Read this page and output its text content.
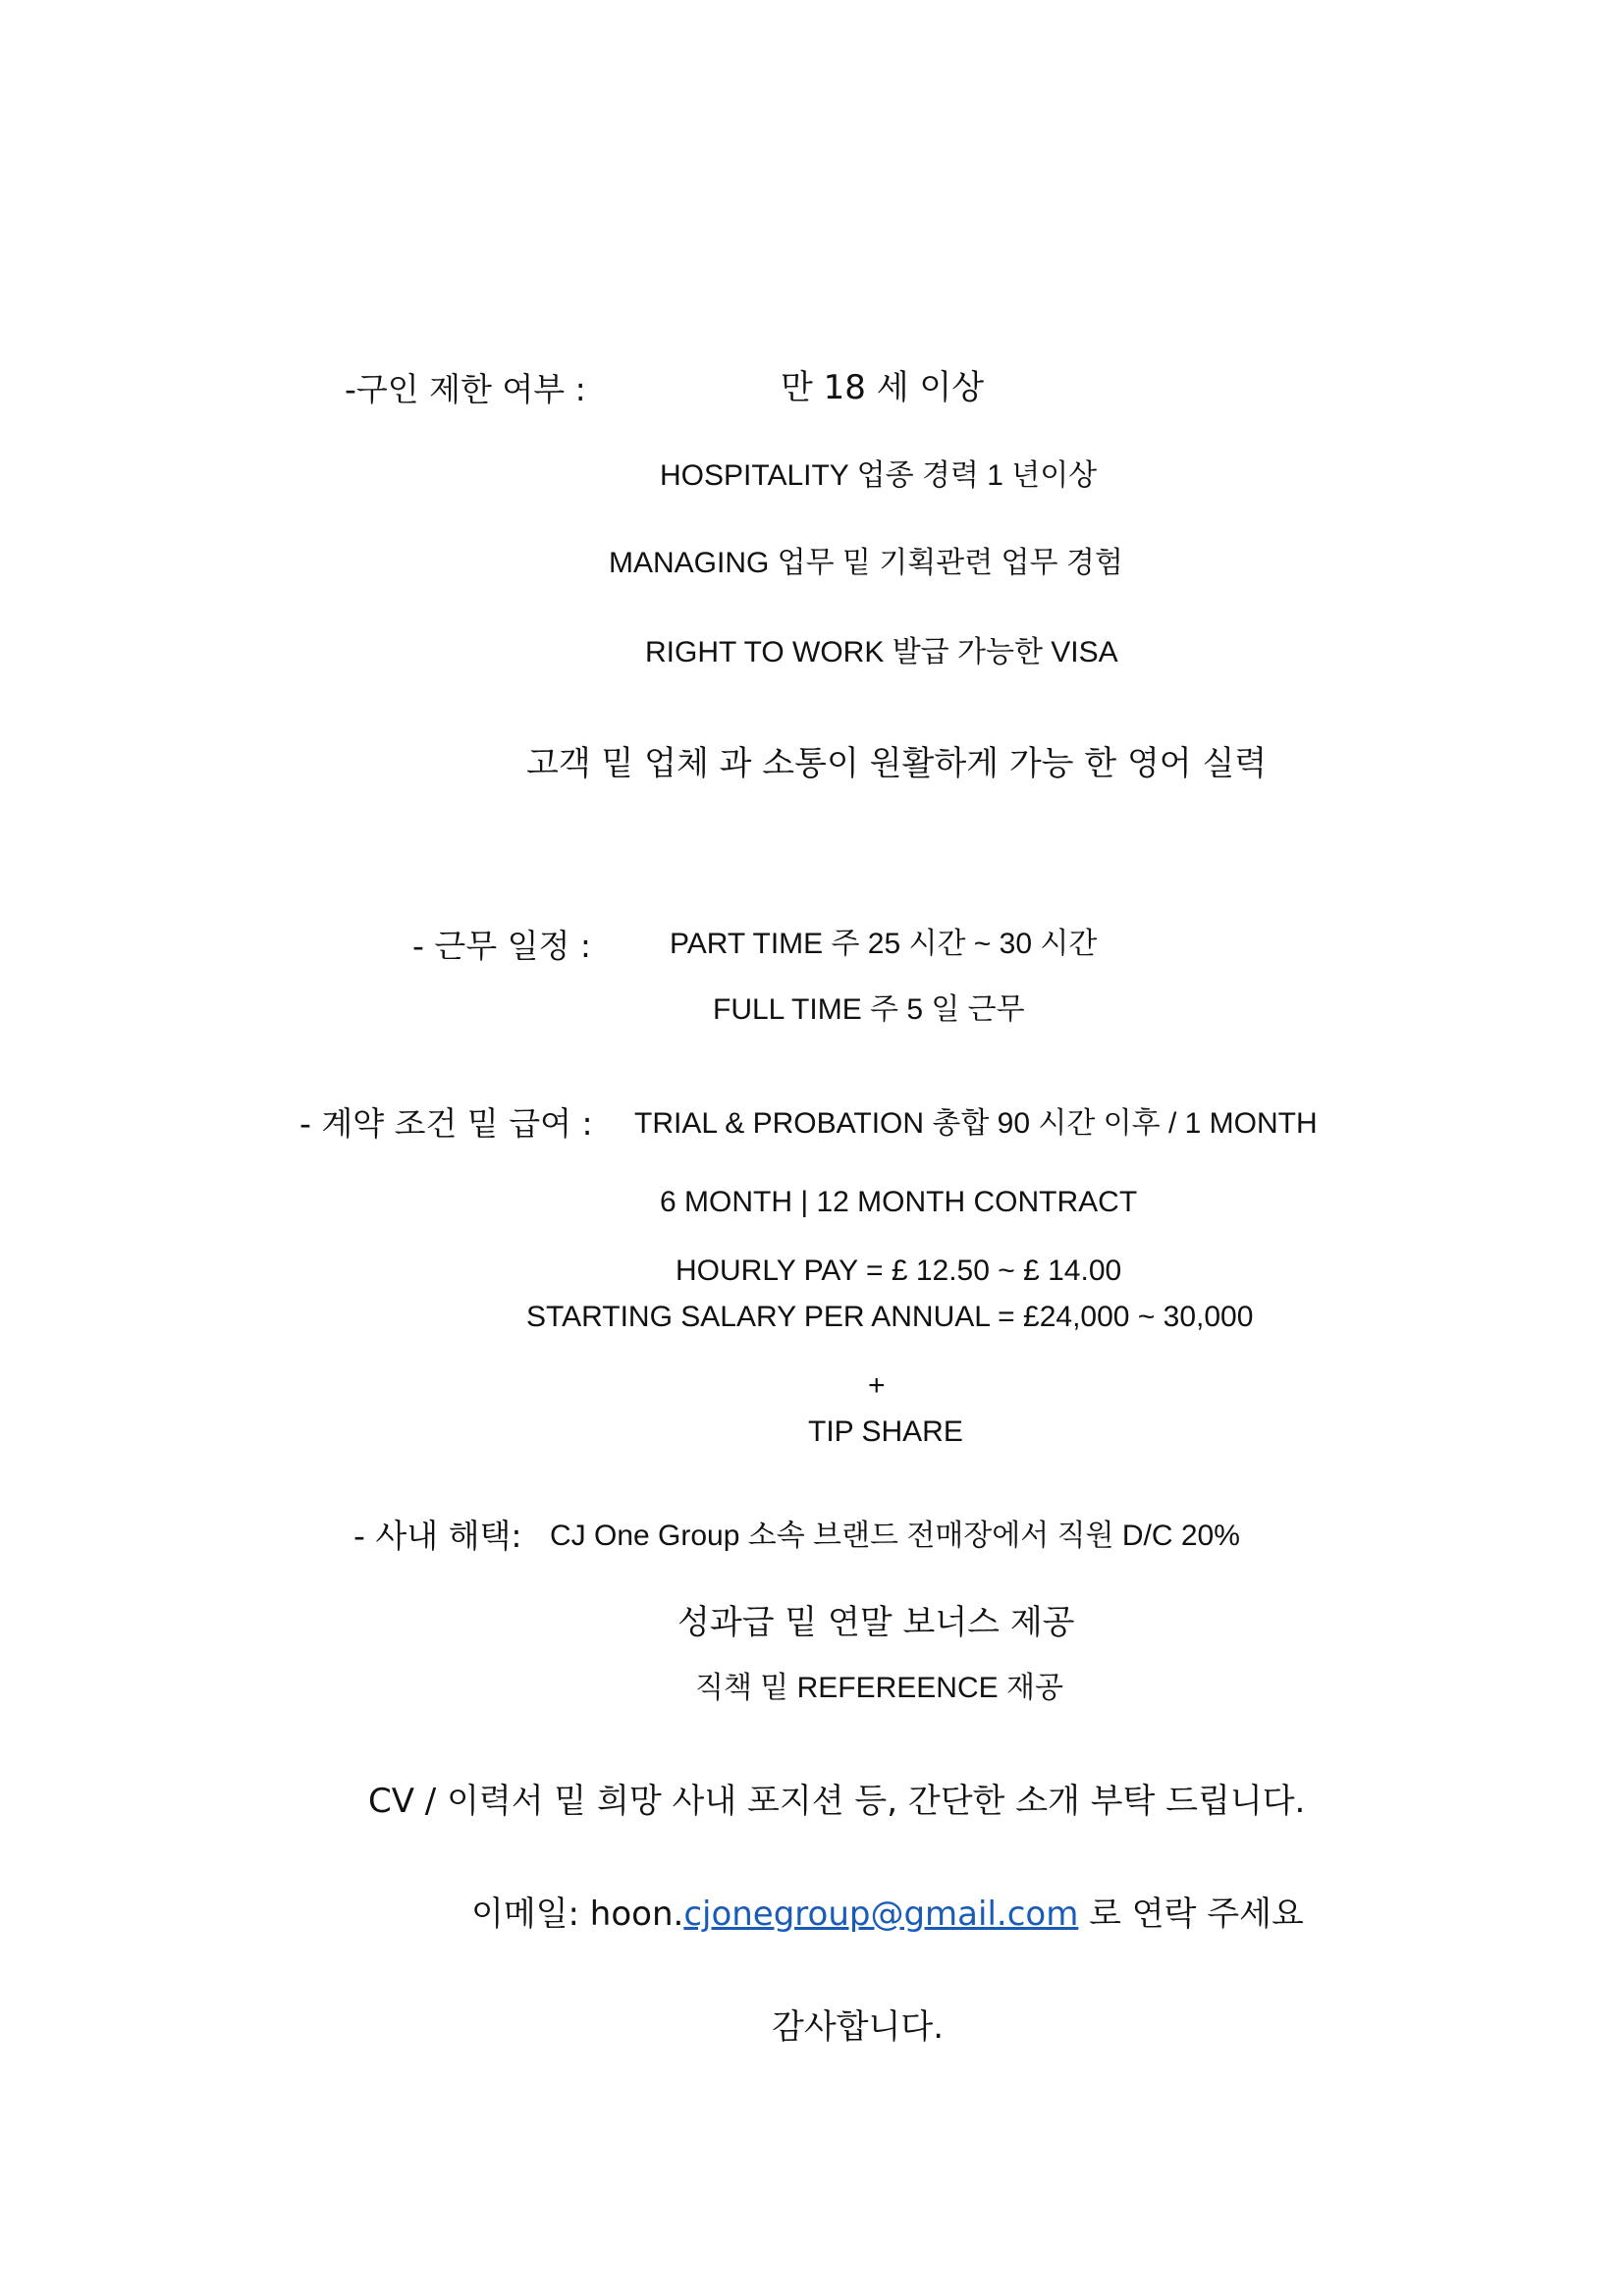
-구인 제한 여부 :	만 18 세 이상
HOSPITALITY 업종 경력 1 년이상
MANAGING 업무 밑 기획관련 업무 경험
RIGHT TO WORK 발급 가능한 VISA
고객 밑 업체 과 소통이 원활하게 가능 한 영어 실력
- 근무 일정 :	PART TIME 주 25 시간 ~ 30 시간
FULL TIME 주 5 일 근무
- 계약 조건 밑 급여 : TRIAL & PROBATION 총합 90 시간 이후 / 1 MONTH
6 MONTH | 12 MONTH CONTRACT
HOURLY PAY = £ 12.50 ~ £ 14.00
STARTING SALARY PER ANNUAL = £24,000 ~ 30,000
+
TIP SHARE
- 사내 해택: CJ One Group 소속 브랜드 전매장에서 직원 D/C 20%
성과급 밑 연말 보너스 제공
직책 밑 REFEREENCE 재공
CV / 이력서 밑 희망 사내 포지션 등, 간단한 소개 부탁 드립니다.
이메일: hoon.cjonegroup@gmail.com 로 연락 주세요
감사합니다.
